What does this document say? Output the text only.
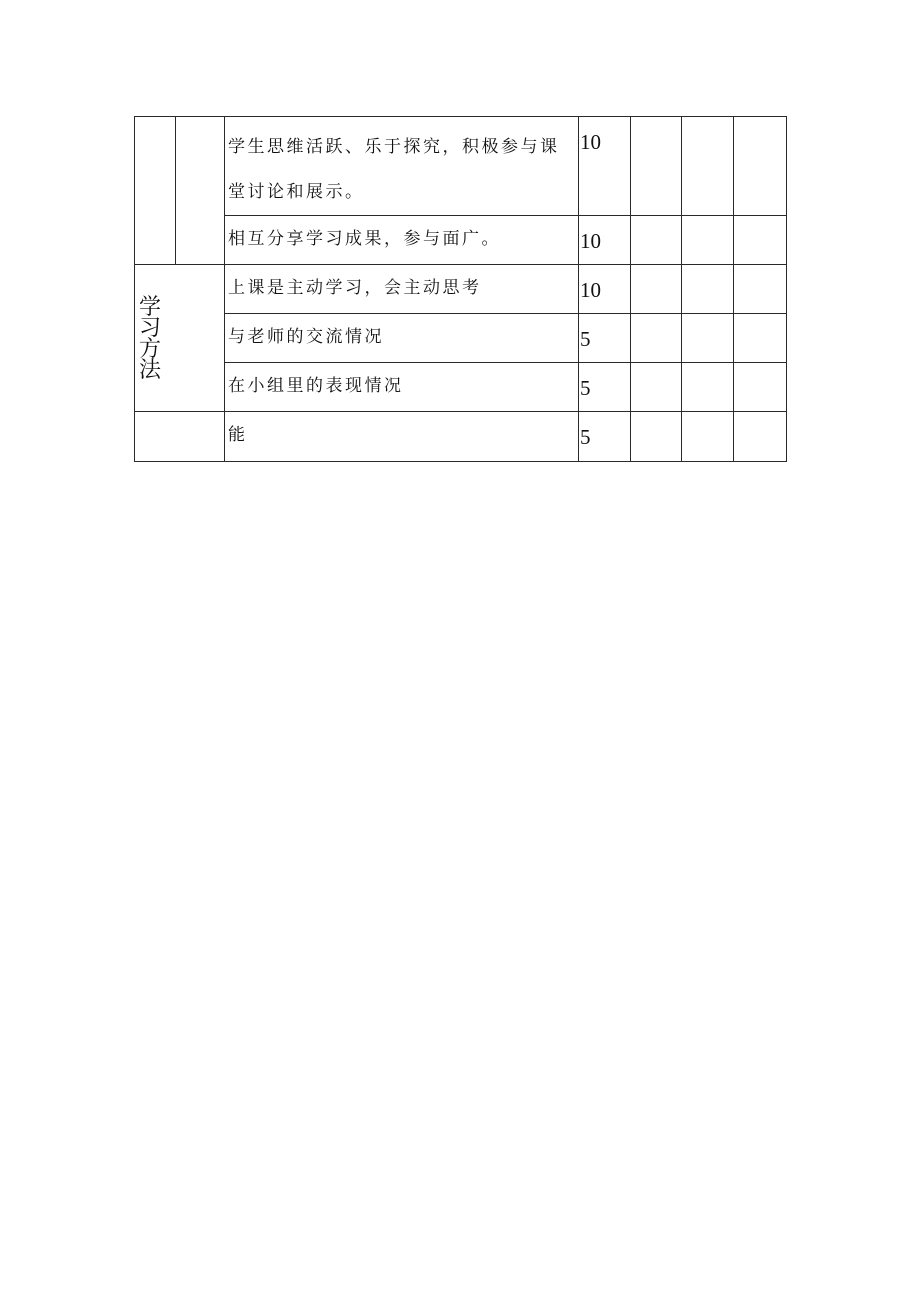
		学生思维活跃、乐于探究，积极参与课堂讨论和展示。	10			

		相互分享学习成果，参与面广。	10			

学
习
方
法		上课是主动学习，会主动思考	10			

		与老师的交流情况	5			

		在小组里的表现情况	5			

		能	5			
